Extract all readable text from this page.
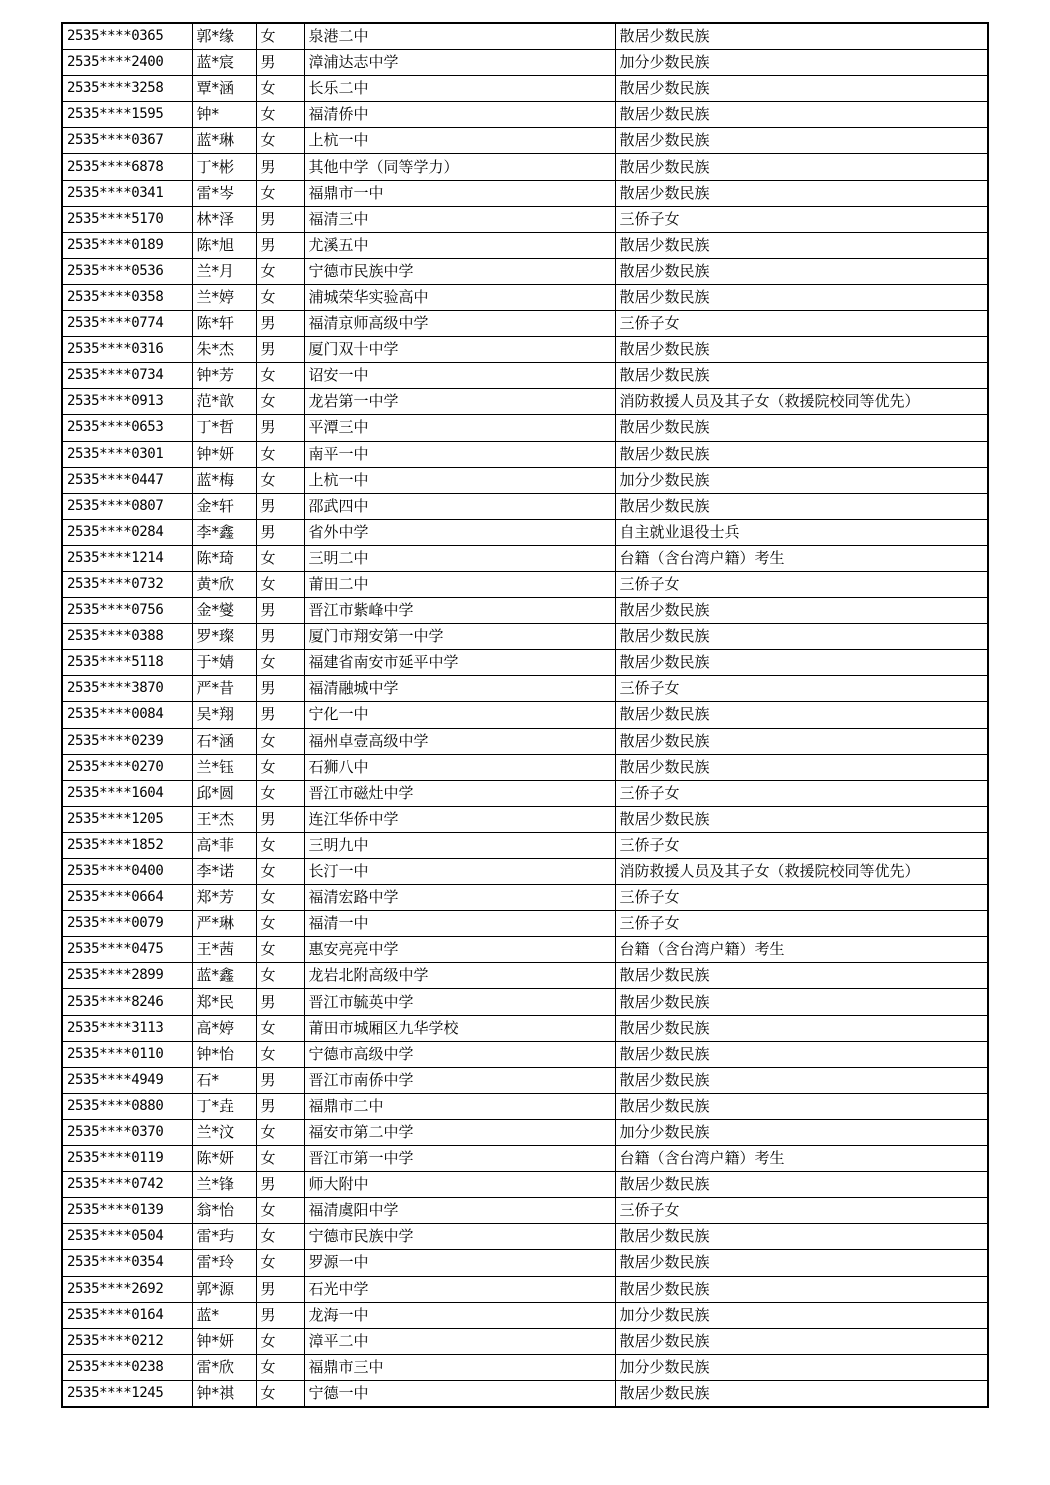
2535****0365	郭*缘	女	泉港二中	散居少数民族
2535****2400	蓝*宸	男	漳浦达志中学	加分少数民族
2535****3258	覃*涵	女	长乐二中	散居少数民族
2535****1595	钟*	女	福清侨中	散居少数民族
2535****0367	蓝*琳	女	上杭一中	散居少数民族
2535****6878	丁*彬	男	其他中学（同等学力）	散居少数民族
2535****0341	雷*岑	女	福鼎市一中	散居少数民族
2535****5170	林*泽	男	福清三中	三侨子女
2535****0189	陈*旭	男	尤溪五中	散居少数民族
2535****0536	兰*月	女	宁德市民族中学	散居少数民族
2535****0358	兰*婷	女	浦城荣华实验高中	散居少数民族
2535****0774	陈*轩	男	福清京师高级中学	三侨子女
2535****0316	朱*杰	男	厦门双十中学	散居少数民族
2535****0734	钟*芳	女	诏安一中	散居少数民族
2535****0913	范*歆	女	龙岩第一中学	消防救援人员及其子女（救援院校同等优先）
2535****0653	丁*哲	男	平潭三中	散居少数民族
2535****0301	钟*妍	女	南平一中	散居少数民族
2535****0447	蓝*梅	女	上杭一中	加分少数民族
2535****0807	金*轩	男	邵武四中	散居少数民族
2535****0284	李*鑫	男	省外中学	自主就业退役士兵
2535****1214	陈*琦	女	三明二中	台籍（含台湾户籍）考生
2535****0732	黄*欣	女	莆田二中	三侨子女
2535****0756	金*燮	男	晋江市紫峰中学	散居少数民族
2535****0388	罗*璨	男	厦门市翔安第一中学	散居少数民族
2535****5118	于*婧	女	福建省南安市延平中学	散居少数民族
2535****3870	严*昔	男	福清融城中学	三侨子女
2535****0084	吴*翔	男	宁化一中	散居少数民族
2535****0239	石*涵	女	福州卓壹高级中学	散居少数民族
2535****0270	兰*钰	女	石狮八中	散居少数民族
2535****1604	邱*圆	女	晋江市磁灶中学	三侨子女
2535****1205	王*杰	男	连江华侨中学	散居少数民族
2535****1852	高*菲	女	三明九中	三侨子女
2535****0400	李*诺	女	长汀一中	消防救援人员及其子女（救援院校同等优先）
2535****0664	郑*芳	女	福清宏路中学	三侨子女
2535****0079	严*琳	女	福清一中	三侨子女
2535****0475	王*茜	女	惠安亮亮中学	台籍（含台湾户籍）考生
2535****2899	蓝*鑫	女	龙岩北附高级中学	散居少数民族
2535****8246	郑*民	男	晋江市毓英中学	散居少数民族
2535****3113	高*婷	女	莆田市城厢区九华学校	散居少数民族
2535****0110	钟*怡	女	宁德市高级中学	散居少数民族
2535****4949	石*	男	晋江市南侨中学	散居少数民族
2535****0880	丁*垚	男	福鼎市二中	散居少数民族
2535****0370	兰*汶	女	福安市第二中学	加分少数民族
2535****0119	陈*妍	女	晋江市第一中学	台籍（含台湾户籍）考生
2535****0742	兰*锋	男	师大附中	散居少数民族
2535****0139	翁*怡	女	福清虞阳中学	三侨子女
2535****0504	雷*玙	女	宁德市民族中学	散居少数民族
2535****0354	雷*玲	女	罗源一中	散居少数民族
2535****2692	郭*源	男	石光中学	散居少数民族
2535****0164	蓝*	男	龙海一中	加分少数民族
2535****0212	钟*妍	女	漳平二中	散居少数民族
2535****0238	雷*欣	女	福鼎市三中	加分少数民族
2535****1245	钟*祺	女	宁德一中	散居少数民族
